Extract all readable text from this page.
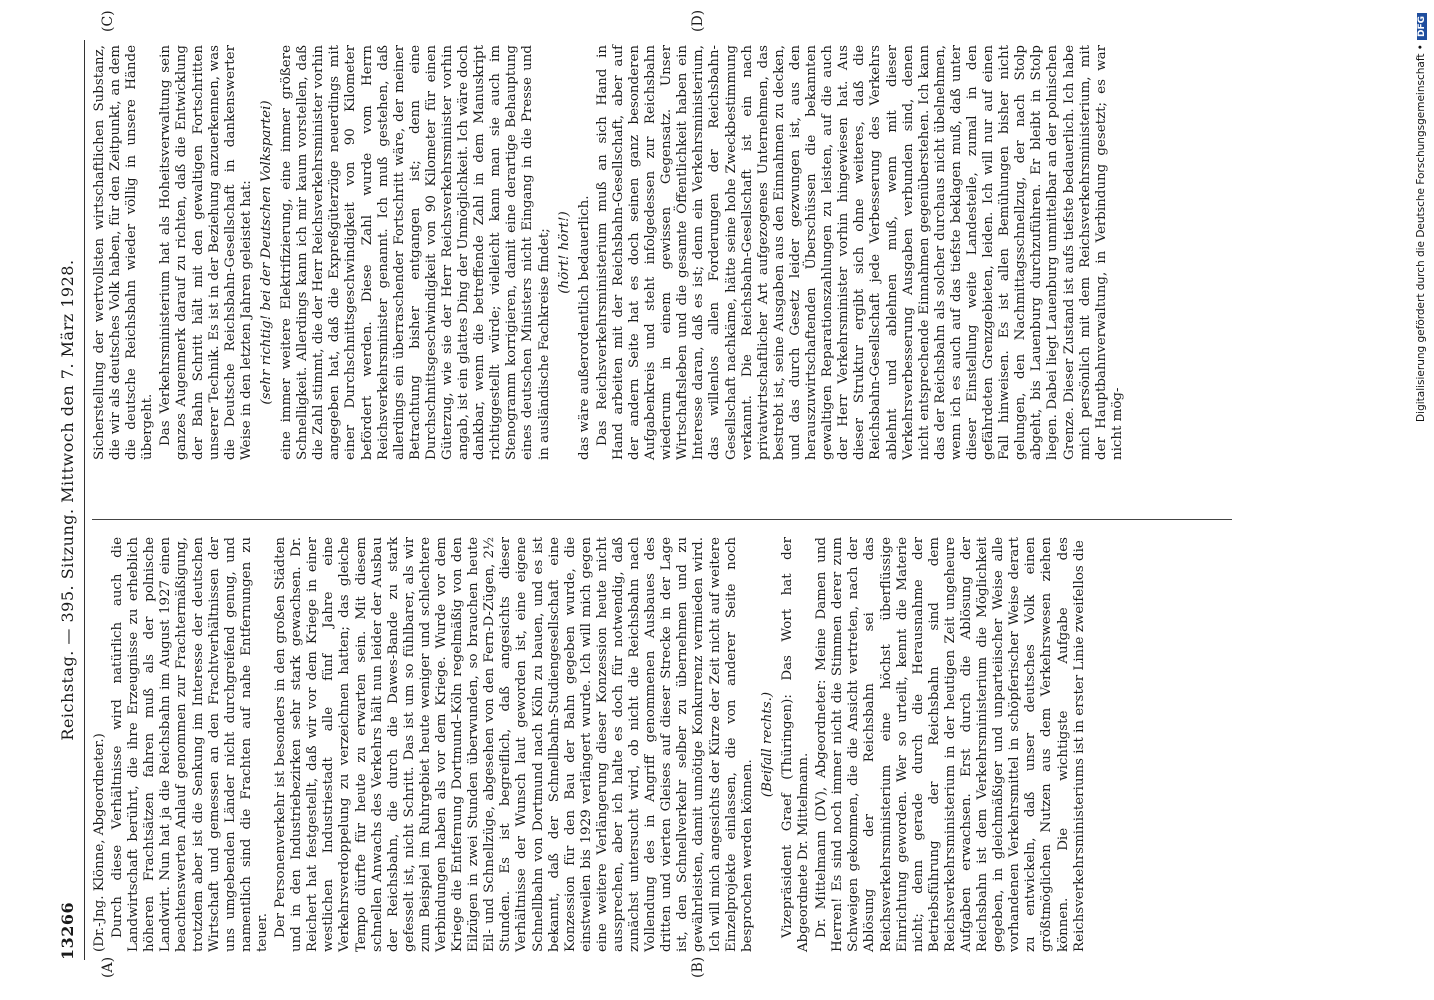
13266
Reichstag. — 395. Sitzung. Mittwoch den 7. März 1928.
(A)	(B)
(C)	(D)

(Dr.-Jng. Klönne, Abgeordneter.) Durch diese Verhältnisse wird natürlich auch die Landwirtschaft berührt, die ihre Erzeugnisse zu erheblich höheren Frachtsätzen fahren muß als der polnische Landwirt. Nun hat ja die Reichsbahn im August 1927 einen beachtenswerten Anlauf genommen zur Frachtermäßigung, trotzdem aber ist die Senkung im Interesse der deutschen Wirtschaft und gemessen an den Frachtverhältnissen der uns umgebenden Länder nicht durchgreifend genug, und namentlich sind die Frachten auf nahe Entfernungen zu teuer. Der Personenverkehr ist besonders in den großen Städten und in den Industriebezirken sehr stark gewachsen. Dr. Reichert hat festgestellt, daß wir vor dem Kriege in einer westlichen Industriestadt alle fünf Jahre eine Verkehrsverdoppelung zu verzeichnen hatten; das gleiche Tempo dürfte für heute zu erwarten sein. Mit diesem schnellen Anwachs des Verkehrs hält nun leider der Ausbau der Reichsbahn, die durch die Dawes-Bande zu stark gefesselt ist, nicht Schritt. Das ist um so fühlbarer, als wir zum Beispiel im Ruhrgebiet heute weniger und schlechtere Verbindungen haben als vor dem Kriege. Wurde vor dem Kriege die Entfernung Dortmund–Köln regelmäßig von den Eilzügen in zwei Stunden überwunden, so brauchen heute Eil- und Schnellzüge, abgesehen von den Fern-D-Zügen, 2½ Stunden. Es ist begreiflich, daß angesichts dieser Verhältnisse der Wunsch laut geworden ist, eine eigene Schnellbahn von Dortmund nach Köln zu bauen, und es ist bekannt, daß der Schnellbahn-Studiengesellschaft eine Konzession für den Bau der Bahn gegeben wurde, die einstweilen bis 1929 verlängert wurde. Ich will mich gegen eine weitere Verlängerung dieser Konzession heute nicht aussprechen, aber ich halte es doch für notwendig, daß zunächst untersucht wird, ob nicht die Reichsbahn nach Vollendung des in Angriff genommenen Ausbaues des dritten und vierten Gleises auf dieser Strecke in der Lage ist, den Schnellverkehr selber zu übernehmen und zu gewährleisten, damit unnötige Konkurrenz vermieden wird. Ich will mich angesichts der Kürze der Zeit nicht auf weitere Einzelprojekte einlassen, die von anderer Seite noch besprochen werden können.

(Beifall rechts.) Vizepräsident Graef (Thüringen): Das Wort hat der Abgeordnete Dr. Mittelmann. Dr. Mittelmann (DV), Abgeordneter: Meine Damen und Herren! Es sind noch immer nicht die Stimmen derer zum Schweigen gekommen, die die Ansicht vertreten, nach der Ablösung der Reichsbahn sei das Reichsverkehrsministerium eine höchst überflüssige Einrichtung geworden. Wer so urteilt, kennt die Materie nicht; denn gerade durch die Herausnahme der Betriebsführung der Reichsbahn sind dem Reichsverkehrsministerium in der heutigen Zeit ungeheure Aufgaben erwachsen. Erst durch die Ablösung der Reichsbahn ist dem Verkehrsministerium die Möglichkeit gegeben, in gleichmäßiger und unparteiischer Weise alle vorhandenen Verkehrsmittel in schöpferischer Weise derart zu entwickeln, daß unser deutsches Volk einen größtmöglichen Nutzen aus dem Verkehrswesen ziehen können. Die wichtigste Aufgabe des Reichsverkehrsministeriums ist in erster Linie zweifellos die

Sicherstellung der wertvollsten wirtschaftlichen Substanz, die wir als deutsches Volk haben, für den Zeitpunkt, an dem die deutsche Reichsbahn wieder völlig in unsere Hände übergeht. Das Verkehrsministerium hat als Hoheitsverwaltung sein ganzes Augenmerk darauf zu richten, daß die Entwicklung der Bahn Schritt hält mit den gewaltigen Fortschritten unserer Technik. Es ist in der Beziehung anzuerkennen, was die Deutsche Reichsbahn-Gesellschaft in dankenswerter Weise in den letzten Jahren geleistet hat: (sehr richtig! bei der Deutschen Volkspartei) eine immer weitere Elektrifizierung, eine immer größere Schnelligkeit. Allerdings kann ich mir kaum vorstellen, daß die Zahl stimmt, die der Herr Reichsverkehrsminister vorhin angegeben hat, daß die Expreßgüterzüge neuerdings mit einer Durchschnittsgeschwindigkeit von 90 Kilometer befördert werden. Diese Zahl wurde vom Herrn Reichsverkehrsminister genannt. Ich muß gestehen, daß allerdings ein überraschender Fortschritt wäre, der meiner Betrachtung bisher entgangen ist; denn eine Durchschnittsgeschwindigkeit von 90 Kilometer für einen Güterzug, wie sie der Herr Reichsverkehrsminister vorhin angab, ist ein glattes Ding der Unmöglichkeit. Ich wäre doch dankbar, wenn die betreffende Zahl in dem Manuskript richtiggestellt würde; vielleicht kann man sie auch im Stenogramm korrigieren, damit eine derartige Behauptung eines deutschen Ministers nicht Eingang in die Presse und in ausländische Fachkreise findet; (hört! hört!) das wäre außerordentlich bedauerlich. Das Reichsverkehrsministerium muß an sich Hand in Hand arbeiten mit der Reichsbahn-Gesellschaft, aber auf der andern Seite hat es doch seinen ganz besonderen Aufgabenkreis und steht infolgedessen zur Reichsbahn wiederum in einem gewissen Gegensatz. Unser Wirtschaftsleben und die gesamte Öffentlichkeit haben ein Interesse daran, daß es ist; denn ein Verkehrsministerium, das willenlos allen Forderungen der Reichsbahn-Gesellschaft nachkäme, hätte seine hohe Zweckbestimmung verkannt. Die Reichsbahn-Gesellschaft ist ein nach privatwirtschaftlicher Art aufgezogenes Unternehmen, das bestrebt ist, seine Ausgaben aus den Einnahmen zu decken, und das durch Gesetz leider gezwungen ist, aus den herauszuwirtschaftenden Überschüssen die bekannten gewaltigen Reparationszahlungen zu leisten, auf die auch der Herr Verkehrsminister vorhin hingewiesen hat. Aus dieser Struktur ergibt sich ohne weiteres, daß die Reichsbahn-Gesellschaft jede Verbesserung des Verkehrs ablehnt und ablehnen muß, wenn mit dieser Verkehrsverbesserung Ausgaben verbunden sind, denen nicht entsprechende Einnahmen gegenüberstehen. Ich kann das der Reichsbahn als solcher durchaus nicht übelnehmen, wenn ich es auch auf das tiefste beklagen muß, daß unter dieser Einstellung weite Landesteile, zumal in den gefährdeten Grenzgebieten, leiden. Ich will nur auf einen Fall hinweisen. Es ist allen Bemühungen bisher nicht gelungen, den Nachmittagsschnellzug, der nach Stolp abgeht, bis Lauenburg durchzuführen. Er bleibt in Stolp liegen. Dabei liegt Lauenburg unmittelbar an der polnischen Grenze. Dieser Zustand ist aufs tiefste bedauerlich. Ich habe mich persönlich mit dem Reichsverkehrsministerium, mit der Hauptbahnverwaltung, in Verbindung gesetzt; es war nicht mög-

Digitalisierung gefördert durch die Deutsche Forschungsgemeinschaft •DFG
